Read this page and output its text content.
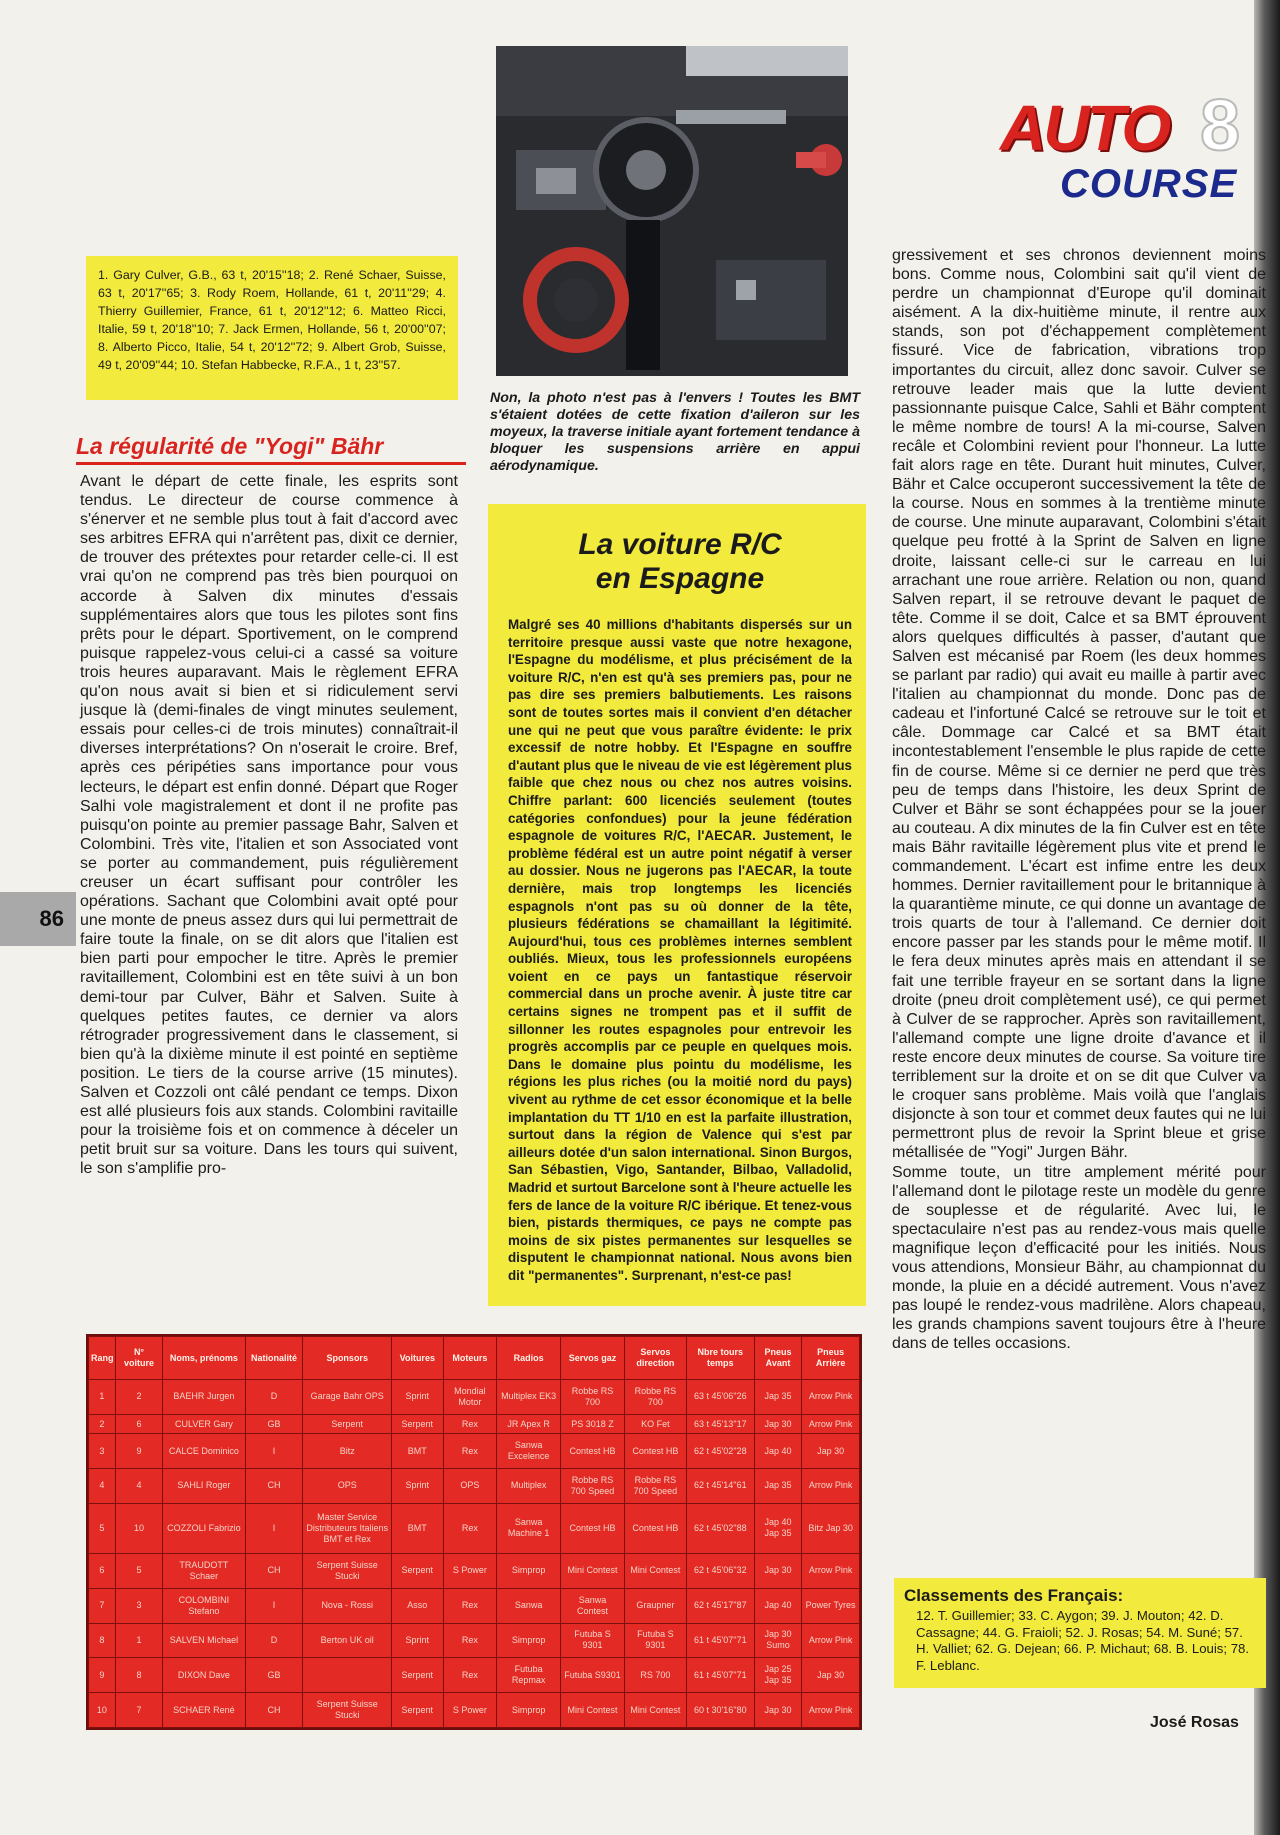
AUTO 8
COURSE
86
1. Gary Culver, G.B., 63 t, 20'15''18; 2. René Schaer, Suisse, 63 t, 20'17''65; 3. Rody Roem, Hollande, 61 t, 20'11''29; 4. Thierry Guillemier, France, 61 t, 20'12''12; 6. Matteo Ricci, Italie, 59 t, 20'18''10; 7. Jack Ermen, Hollande, 56 t, 20'00''07; 8. Alberto Picco, Italie, 54 t, 20'12''72; 9. Albert Grob, Suisse, 49 t, 20'09''44; 10. Stefan Habbecke, R.F.A., 1 t, 23''57.
La régularité de "Yogi" Bähr

Avant le départ de cette finale, les esprits sont tendus. Le directeur de course commence à s'énerver et ne semble plus tout à fait d'accord avec ses arbitres EFRA qui n'arrêtent pas, dixit ce dernier, de trouver des prétextes pour retarder celle-ci. Il est vrai qu'on ne comprend pas très bien pourquoi on accorde à Salven dix minutes d'essais supplémentaires alors que tous les pilotes sont fins prêts pour le départ. Sportivement, on le comprend puisque rappelez-vous celui-ci a cassé sa voiture trois heures auparavant. Mais le règlement EFRA qu'on nous avait si bien et si ridiculement servi jusque là (demi-finales de vingt minutes seulement, essais pour celles-ci de trois minutes) connaîtrait-il diverses interprétations? On n'oserait le croire. Bref, après ces péripéties sans importance pour vous lecteurs, le départ est enfin donné. Départ que Roger Salhi vole magistralement et dont il ne profite pas puisqu'on pointe au premier passage Bahr, Salven et Colombini. Très vite, l'italien et son Associated vont se porter au commandement, puis régulièrement creuser un écart suffisant pour contrôler les opérations. Sachant que Colombini avait opté pour une monte de pneus assez durs qui lui permettrait de faire toute la finale, on se dit alors que l'italien est bien parti pour empocher le titre. Après le premier ravitaillement, Colombini est en tête suivi à un bon demi-tour par Culver, Bähr et Salven. Suite à quelques petites fautes, ce dernier va alors rétrograder progressivement dans le classement, si bien qu'à la dixième minute il est pointé en septième position. Le tiers de la course arrive (15 minutes). Salven et Cozzoli ont câlé pendant ce temps. Dixon est allé plusieurs fois aux stands. Colombini ravitaille pour la troisième fois et on commence à déceler un petit bruit sur sa voiture. Dans les tours qui suivent, le son s'amplifie pro-

Non, la photo n'est pas à l'envers ! Toutes les BMT s'étaient dotées de cette fixation d'aileron sur les moyeux, la traverse initiale ayant fortement tendance à bloquer les suspensions arrière en appui aérodynamique.
La voiture R/C
en Espagne

Malgré ses 40 millions d'habitants dispersés sur un territoire presque aussi vaste que notre hexagone, l'Espagne du modélisme, et plus précisément de la voiture R/C, n'en est qu'à ses premiers pas, pour ne pas dire ses premiers balbutiements. Les raisons sont de toutes sortes mais il convient d'en détacher une qui ne peut que vous paraître évidente: le prix excessif de notre hobby. Et l'Espagne en souffre d'autant plus que le niveau de vie est légèrement plus faible que chez nous ou chez nos autres voisins. Chiffre parlant: 600 licenciés seulement (toutes catégories confondues) pour la jeune fédération espagnole de voitures R/C, l'AECAR. Justement, le problème fédéral est un autre point négatif à verser au dossier. Nous ne jugerons pas l'AECAR, la toute dernière, mais trop longtemps les licenciés espagnols n'ont pas su où donner de la tête, plusieurs fédérations se chamaillant la légitimité. Aujourd'hui, tous ces problèmes internes semblent oubliés. Mieux, tous les professionnels européens voient en ce pays un fantastique réservoir commercial dans un proche avenir. À juste titre car certains signes ne trompent pas et il suffit de sillonner les routes espagnoles pour entrevoir les progrès accomplis par ce peuple en quelques mois. Dans le domaine plus pointu du modélisme, les régions les plus riches (ou la moitié nord du pays) vivent au rythme de cet essor économique et la belle implantation du TT 1/10 en est la parfaite illustration, surtout dans la région de Valence qui s'est par ailleurs dotée d'un salon international. Sinon Burgos, San Sébastien, Vigo, Santander, Bilbao, Valladolid, Madrid et surtout Barcelone sont à l'heure actuelle les fers de lance de la voiture R/C ibérique. Et tenez-vous bien, pistards thermiques, ce pays ne compte pas moins de six pistes permanentes sur lesquelles se disputent le championnat national. Nous avons bien dit "permanentes". Surprenant, n'est-ce pas!

gressivement et ses chronos deviennent moins bons. Comme nous, Colombini sait qu'il vient de perdre un championnat d'Europe qu'il dominait aisément. A la dix-huitième minute, il rentre aux stands, son pot d'échappement complètement fissuré. Vice de fabrication, vibrations trop importantes du circuit, allez donc savoir. Culver se retrouve leader mais que la lutte devient passionnante puisque Calce, Sahli et Bähr comptent le même nombre de tours! A la mi-course, Salven recâle et Colombini revient pour l'honneur. La lutte fait alors rage en tête. Durant huit minutes, Culver, Bähr et Calce occuperont successivement la tête de la course. Nous en sommes à la trentième minute de course. Une minute auparavant, Colombini s'était quelque peu frotté à la Sprint de Salven en ligne droite, laissant celle-ci sur le carreau en lui arrachant une roue arrière. Relation ou non, quand Salven repart, il se retrouve devant le paquet de tête. Comme il se doit, Calce et sa BMT éprouvent alors quelques difficultés à passer, d'autant que Salven est mécanisé par Roem (les deux hommes se parlant par radio) qui avait eu maille à partir avec l'italien au championnat du monde. Donc pas de cadeau et l'infortuné Calcé se retrouve sur le toit et câle. Dommage car Calcé et sa BMT était incontestablement l'ensemble le plus rapide de cette fin de course. Même si ce dernier ne perd que très peu de temps dans l'histoire, les deux Sprint de Culver et Bähr se sont échappées pour se la jouer au couteau. A dix minutes de la fin Culver est en tête mais Bähr ravitaille légèrement plus vite et prend le commandement. L'écart est infime entre les deux hommes. Dernier ravitaillement pour le britannique à la quarantième minute, ce qui donne un avantage de trois quarts de tour à l'allemand. Ce dernier doit encore passer par les stands pour le même motif. Il le fera deux minutes après mais en attendant il se fait une terrible frayeur en se sortant dans la ligne droite (pneu droit complètement usé), ce qui permet à Culver de se rapprocher. Après son ravitaillement, l'allemand compte une ligne droite d'avance et il reste encore deux minutes de course. Sa voiture tire terriblement sur la droite et on se dit que Culver va le croquer sans problème. Mais voilà que l'anglais disjoncte à son tour et commet deux fautes qui ne lui permettront plus de revoir la Sprint bleue et grise métallisée de "Yogi" Jurgen Bähr.

Somme toute, un titre amplement mérité pour l'allemand dont le pilotage reste un modèle du genre de souplesse et de régularité. Avec lui, le spectaculaire n'est pas au rendez-vous mais quelle magnifique leçon d'efficacité pour les initiés. Nous vous attendions, Monsieur Bähr, au championnat du monde, la pluie en a décidé autrement. Vous n'avez pas loupé le rendez-vous madrilène. Alors chapeau, les grands champions savent toujours être à l'heure dans de telles occasions.

Rang	N° voiture	Noms, prénoms	Nationalité	Sponsors	Voitures	Moteurs	Radios	Servos gaz	Servos direction	Nbre tours temps	Pneus Avant	Pneus Arrière
1	2	BAEHR Jurgen	D	Garage Bahr OPS	Sprint	Mondial Motor	Multiplex EK3	Robbe RS 700	Robbe RS 700	63 t 45'06''26	Jap 35	Arrow Pink
2	6	CULVER Gary	GB	Serpent	Serpent	Rex	JR Apex R	PS 3018 Z	KO Fet	63 t 45'13''17	Jap 30	Arrow Pink
3	9	CALCE Dominico	I	Bitz	BMT	Rex	Sanwa Excelence	Contest HB	Contest HB	62 t 45'02''28	Jap 40	Jap 30
4	4	SAHLI Roger	CH	OPS	Sprint	OPS	Multiplex	Robbe RS 700 Speed	Robbe RS 700 Speed	62 t 45'14''61	Jap 35	Arrow Pink
5	10	COZZOLI Fabrizio	I	Master Service Distributeurs Italiens BMT et Rex	BMT	Rex	Sanwa Machine 1	Contest HB	Contest HB	62 t 45'02''88	Jap 40 Jap 35	Bitz Jap 30
6	5	TRAUDOTT Schaer	CH	Serpent Suisse Stucki	Serpent	S Power	Simprop	Mini Contest	Mini Contest	62 t 45'06''32	Jap 30	Arrow Pink
7	3	COLOMBINI Stefano	I	Nova - Rossi	Asso	Rex	Sanwa	Sanwa Contest	Graupner	62 t 45'17''87	Jap 40	Power Tyres
8	1	SALVEN Michael	D	Berton UK oil	Sprint	Rex	Simprop	Futuba S 9301	Futuba S 9301	61 t 45'07''71	Jap 30 Sumo	Arrow Pink
9	8	DIXON Dave	GB		Serpent	Rex	Futuba Repmax	Futuba S9301	RS 700	61 t 45'07''71	Jap 25 Jap 35	Jap 30
10	7	SCHAER René	CH	Serpent Suisse Stucki	Serpent	S Power	Simprop	Mini Contest	Mini Contest	60 t 30'16''80	Jap 30	Arrow Pink

Classements des Français:

12. T. Guillemier; 33. C. Aygon; 39. J. Mouton; 42. D. Cassagne; 44. G. Fraioli; 52. J. Rosas; 54. M. Suné; 57. H. Valliet; 62. G. Dejean; 66. P. Michaut; 68. B. Louis; 78. F. Leblanc.

José Rosas
